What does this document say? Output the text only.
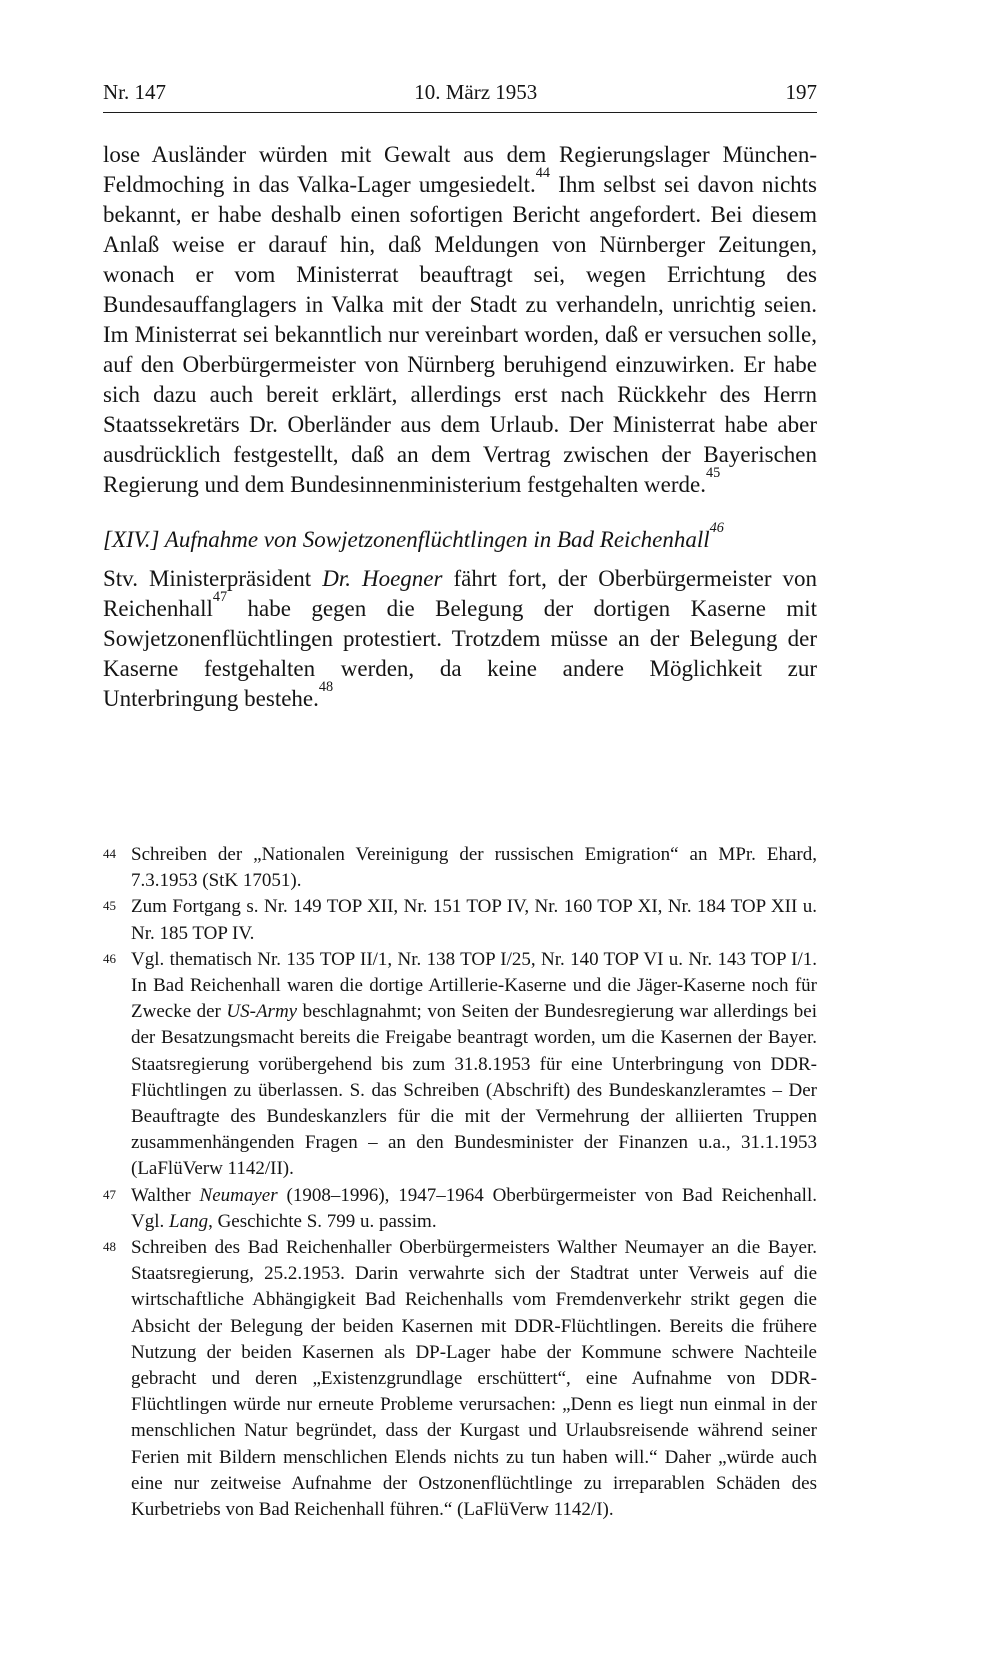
Nr. 147	10. März 1953	197

lose Ausländer würden mit Gewalt aus dem Regierungslager München-Feldmoching in das Valka-Lager umgesiedelt.$^{44}$ Ihm selbst sei davon nichts bekannt, er habe deshalb einen sofortigen Bericht angefordert. Bei diesem Anlaß weise er darauf hin, daß Meldungen von Nürnberger Zeitungen, wonach er vom Ministerrat beauftragt sei, wegen Errichtung des Bundesauffanglagers in Valka mit der Stadt zu verhandeln, unrichtig seien. Im Ministerrat sei bekanntlich nur vereinbart worden, daß er versuchen solle, auf den Oberbürgermeister von Nürnberg beruhigend einzuwirken. Er habe sich dazu auch bereit erklärt, allerdings erst nach Rückkehr des Herrn Staatssekretärs Dr. Oberländer aus dem Urlaub. Der Ministerrat habe aber ausdrücklich festgestellt, daß an dem Vertrag zwischen der Bayerischen Regierung und dem Bundesinnenministerium festgehalten werde.$^{45}$

[XIV.] Aufnahme von Sowjetzonenflüchtlingen in Bad Reichenhall$^{46}$

Stv. Ministerpräsident Dr. Hoegner fährt fort, der Oberbürgermeister von Reichenhall$^{47}$ habe gegen die Belegung der dortigen Kaserne mit Sowjetzonenflüchtlingen protestiert. Trotzdem müsse an der Belegung der Kaserne festgehalten werden, da keine andere Möglichkeit zur Unterbringung bestehe.$^{48}$

44 Schreiben der „Nationalen Vereinigung der russischen Emigration“ an MPr. Ehard, 7.3.1953 (StK 17051).

45 Zum Fortgang s. Nr. 149 TOP XII, Nr. 151 TOP IV, Nr. 160 TOP XI, Nr. 184 TOP XII u. Nr. 185 TOP IV.

46 Vgl. thematisch Nr. 135 TOP II/1, Nr. 138 TOP I/25, Nr. 140 TOP VI u. Nr. 143 TOP I/1. In Bad Reichenhall waren die dortige Artillerie-Kaserne und die Jäger-Kaserne noch für Zwecke der US-Army beschlagnahmt; von Seiten der Bundesregierung war allerdings bei der Besatzungsmacht bereits die Freigabe beantragt worden, um die Kasernen der Bayer. Staatsregierung vorübergehend bis zum 31.8.1953 für eine Unterbringung von DDR-Flüchtlingen zu überlassen. S. das Schreiben (Abschrift) des Bundeskanzleramtes – Der Beauftragte des Bundeskanzlers für die mit der Vermehrung der alliierten Truppen zusammenhängenden Fragen – an den Bundesminister der Finanzen u.a., 31.1.1953 (LaFlüVerw 1142/II).

47 Walther Neumayer (1908–1996), 1947–1964 Oberbürgermeister von Bad Reichenhall. Vgl. Lang, Geschichte S. 799 u. passim.

48 Schreiben des Bad Reichenhaller Oberbürgermeisters Walther Neumayer an die Bayer. Staatsregierung, 25.2.1953. Darin verwahrte sich der Stadtrat unter Verweis auf die wirtschaftliche Abhängigkeit Bad Reichenhalls vom Fremdenverkehr strikt gegen die Absicht der Belegung der beiden Kasernen mit DDR-Flüchtlingen. Bereits die frühere Nutzung der beiden Kasernen als DP-Lager habe der Kommune schwere Nachteile gebracht und deren „Existenzgrundlage erschüttert“, eine Aufnahme von DDR-Flüchtlingen würde nur erneute Probleme verursachen: „Denn es liegt nun einmal in der menschlichen Natur begründet, dass der Kurgast und Urlaubsreisende während seiner Ferien mit Bildern menschlichen Elends nichts zu tun haben will.“ Daher „würde auch eine nur zeitweise Aufnahme der Ostzonenflüchtlinge zu irreparablen Schäden des Kurbetriebs von Bad Reichenhall führen.“ (LaFlüVerw 1142/I).
